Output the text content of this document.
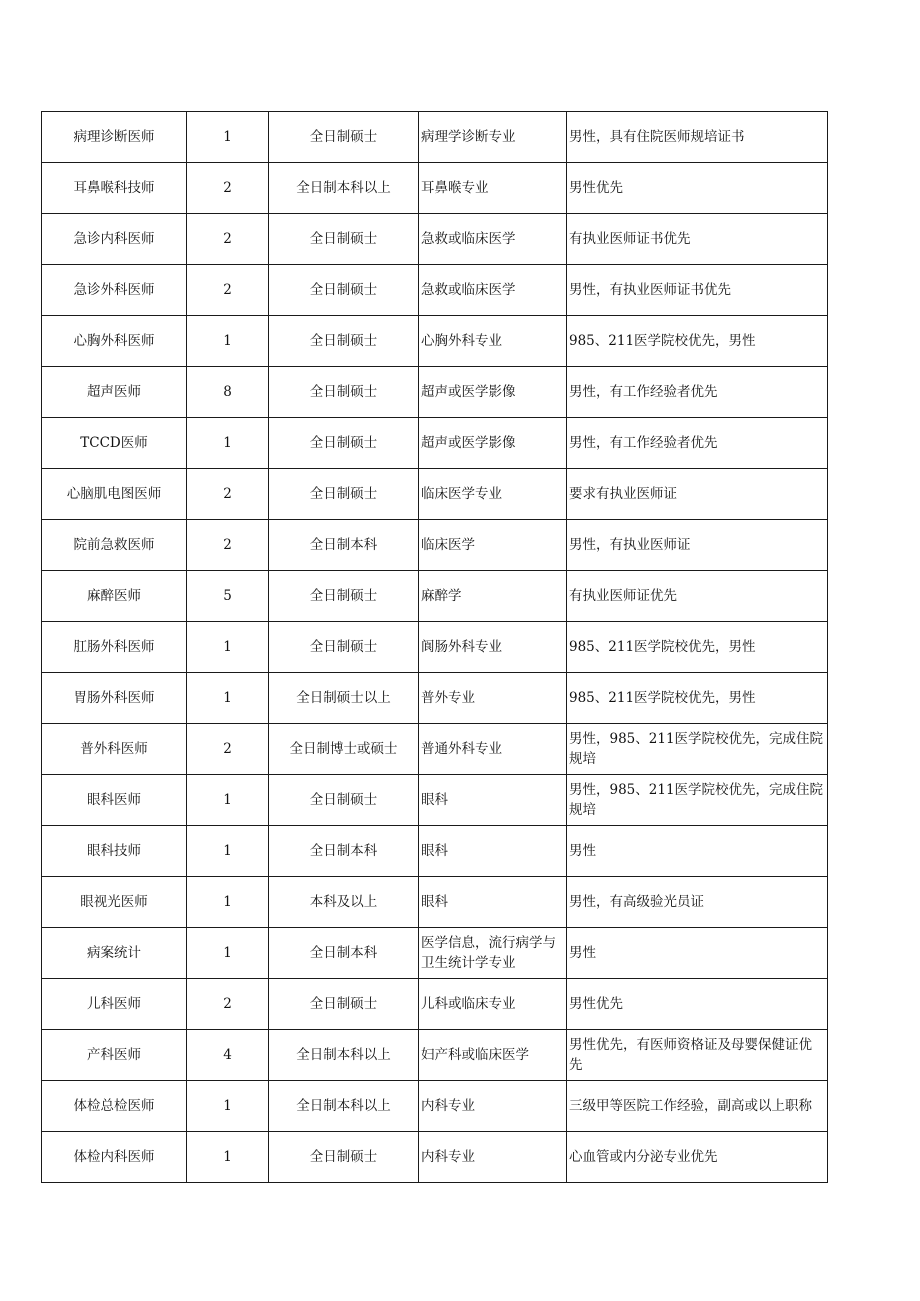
病理诊断医师	1	全日制硕士	病理学诊断专业	男性，具有住院医师规培证书
耳鼻喉科技师	2	全日制本科以上	耳鼻喉专业	男性优先
急诊内科医师	2	全日制硕士	急救或临床医学	有执业医师证书优先
急诊外科医师	2	全日制硕士	急救或临床医学	男性，有执业医师证书优先
心胸外科医师	1	全日制硕士	心胸外科专业	985、211医学院校优先，男性
超声医师	8	全日制硕士	超声或医学影像	男性，有工作经验者优先
TCCD医师	1	全日制硕士	超声或医学影像	男性，有工作经验者优先
心脑肌电图医师	2	全日制硕士	临床医学专业	要求有执业医师证
院前急救医师	2	全日制本科	临床医学	男性，有执业医师证
麻醉医师	5	全日制硕士	麻醉学	有执业医师证优先
肛肠外科医师	1	全日制硕士	阆肠外科专业	985、211医学院校优先，男性
胃肠外科医师	1	全日制硕士以上	普外专业	985、211医学院校优先，男性
普外科医师	2	全日制博士或硕士	普通外科专业	男性，985、211医学院校优先，完成住院规培
眼科医师	1	全日制硕士	眼科	男性，985、211医学院校优先，完成住院规培
眼科技师	1	全日制本科	眼科	男性
眼视光医师	1	本科及以上	眼科	男性，有高级验光员证
病案统计	1	全日制本科	医学信息，流行病学与卫生统计学专业	男性
儿科医师	2	全日制硕士	儿科或临床专业	男性优先
产科医师	4	全日制本科以上	妇产科或临床医学	男性优先，有医师资格证及母婴保健证优先
体检总检医师	1	全日制本科以上	内科专业	三级甲等医院工作经验，副高或以上职称
体检内科医师	1	全日制硕士	内科专业	心血管或内分泌专业优先
